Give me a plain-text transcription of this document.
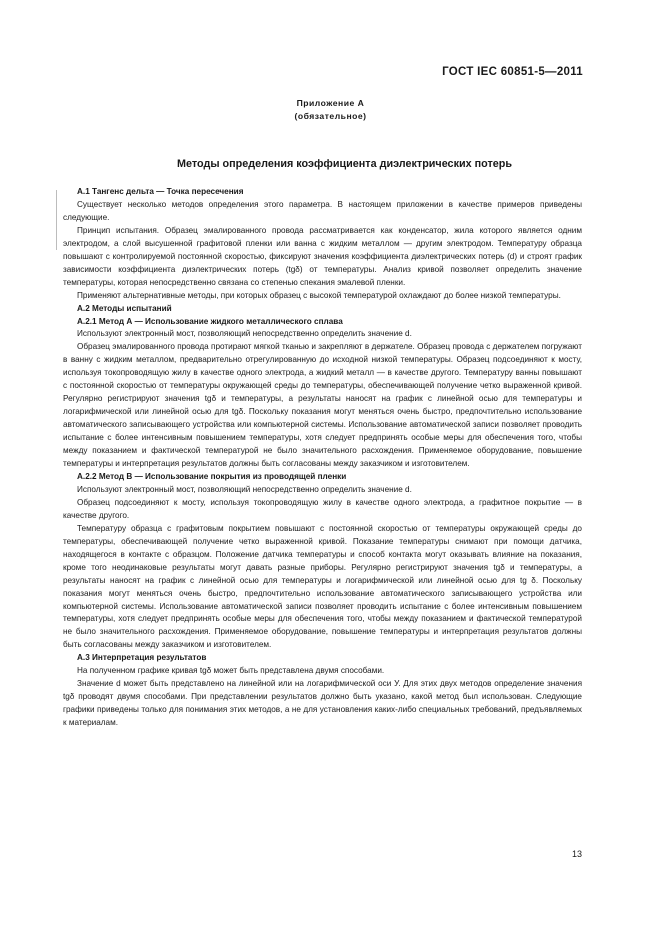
ГОСТ IEC 60851-5—2011
Приложение А
(обязательное)
Методы определения коэффициента диэлектрических потерь

А.1 Тангенс дельта — Точка пересечения

Существует несколько методов определения этого параметра. В настоящем приложении в качестве примеров приведены следующие.

Принцип испытания. Образец эмалированного провода рассматривается как конденсатор, жила которого является одним электродом, а слой высушенной графитовой пленки или ванна с жидким металлом — другим электродом. Температуру образца повышают с контролируемой постоянной скоростью, фиксируют значения коэффициента диэлектрических потерь (d) и строят график зависимости коэффициента диэлектрических потерь (tgδ) от температуры. Анализ кривой позволяет определить значение температуры, которая непосредственно связана со степенью спекания эмалевой пленки.

Применяют альтернативные методы, при которых образец с высокой температурой охлаждают до более низкой температуры.

А.2 Методы испытаний

А.2.1 Метод А — Использование жидкого металлического сплава

Используют электронный мост, позволяющий непосредственно определить значение d.

Образец эмалированного провода протирают мягкой тканью и закрепляют в держателе. Образец провода с держателем погружают в ванну с жидким металлом, предварительно отрегулированную до исходной низкой температуры. Образец подсоединяют к мосту, используя токопроводящую жилу в качестве одного электрода, а жидкий металл — в качестве другого. Температуру ванны повышают с постоянной скоростью от температуры окружающей среды до температуры, обеспечивающей получение четко выраженной кривой. Регулярно регистрируют значения tgδ и температуры, а результаты наносят на график с линейной осью для температуры и логарифмической или линейной осью для tgδ. Поскольку показания могут меняться очень быстро, предпочтительно использование автоматического записывающего устройства или компьютерной системы. Использование автоматической записи позволяет проводить испытание с более интенсивным повышением температуры, хотя следует предпринять особые меры для обеспечения того, чтобы между показанием и фактической температурой не было значительного расхождения. Применяемое оборудование, повышение температуры и интерпретация результатов должны быть согласованы между заказчиком и изготовителем.

А.2.2 Метод В — Использование покрытия из проводящей пленки

Используют электронный мост, позволяющий непосредственно определить значение d.

Образец подсоединяют к мосту, используя токопроводящую жилу в качестве одного электрода, а графитное покрытие — в качестве другого.

Температуру образца с графитовым покрытием повышают с постоянной скоростью от температуры окружающей среды до температуры, обеспечивающей получение четко выраженной кривой. Показание температуры снимают при помощи датчика, находящегося в контакте с образцом. Положение датчика температуры и способ контакта могут оказывать влияние на показания, кроме того неодинаковые результаты могут давать разные приборы. Регулярно регистрируют значения tgδ и температуры, а результаты наносят на график с линейной осью для температуры и логарифмической или линейной осью для tg δ. Поскольку показания могут меняться очень быстро, предпочтительно использование автоматического записывающего устройства или компьютерной системы. Использование автоматической записи позволяет проводить испытание с более интенсивным повышением температуры, хотя следует предпринять особые меры для обеспечения того, чтобы между показанием и фактической температурой не было значительного расхождения. Применяемое оборудование, повышение температуры и интерпретация результатов должны быть согласованы между заказчиком и изготовителем.

А.3 Интерпретация результатов

На полученном графике кривая tgδ может быть представлена двумя способами.

Значение d может быть представлено на линейной или на логарифмической оси У. Для этих двух методов определение значения tgδ проводят двумя способами. При представлении результатов должно быть указано, какой метод был использован. Следующие графики приведены только для понимания этих методов, а не для установления каких-либо специальных требований, предъявляемых к материалам.

13
